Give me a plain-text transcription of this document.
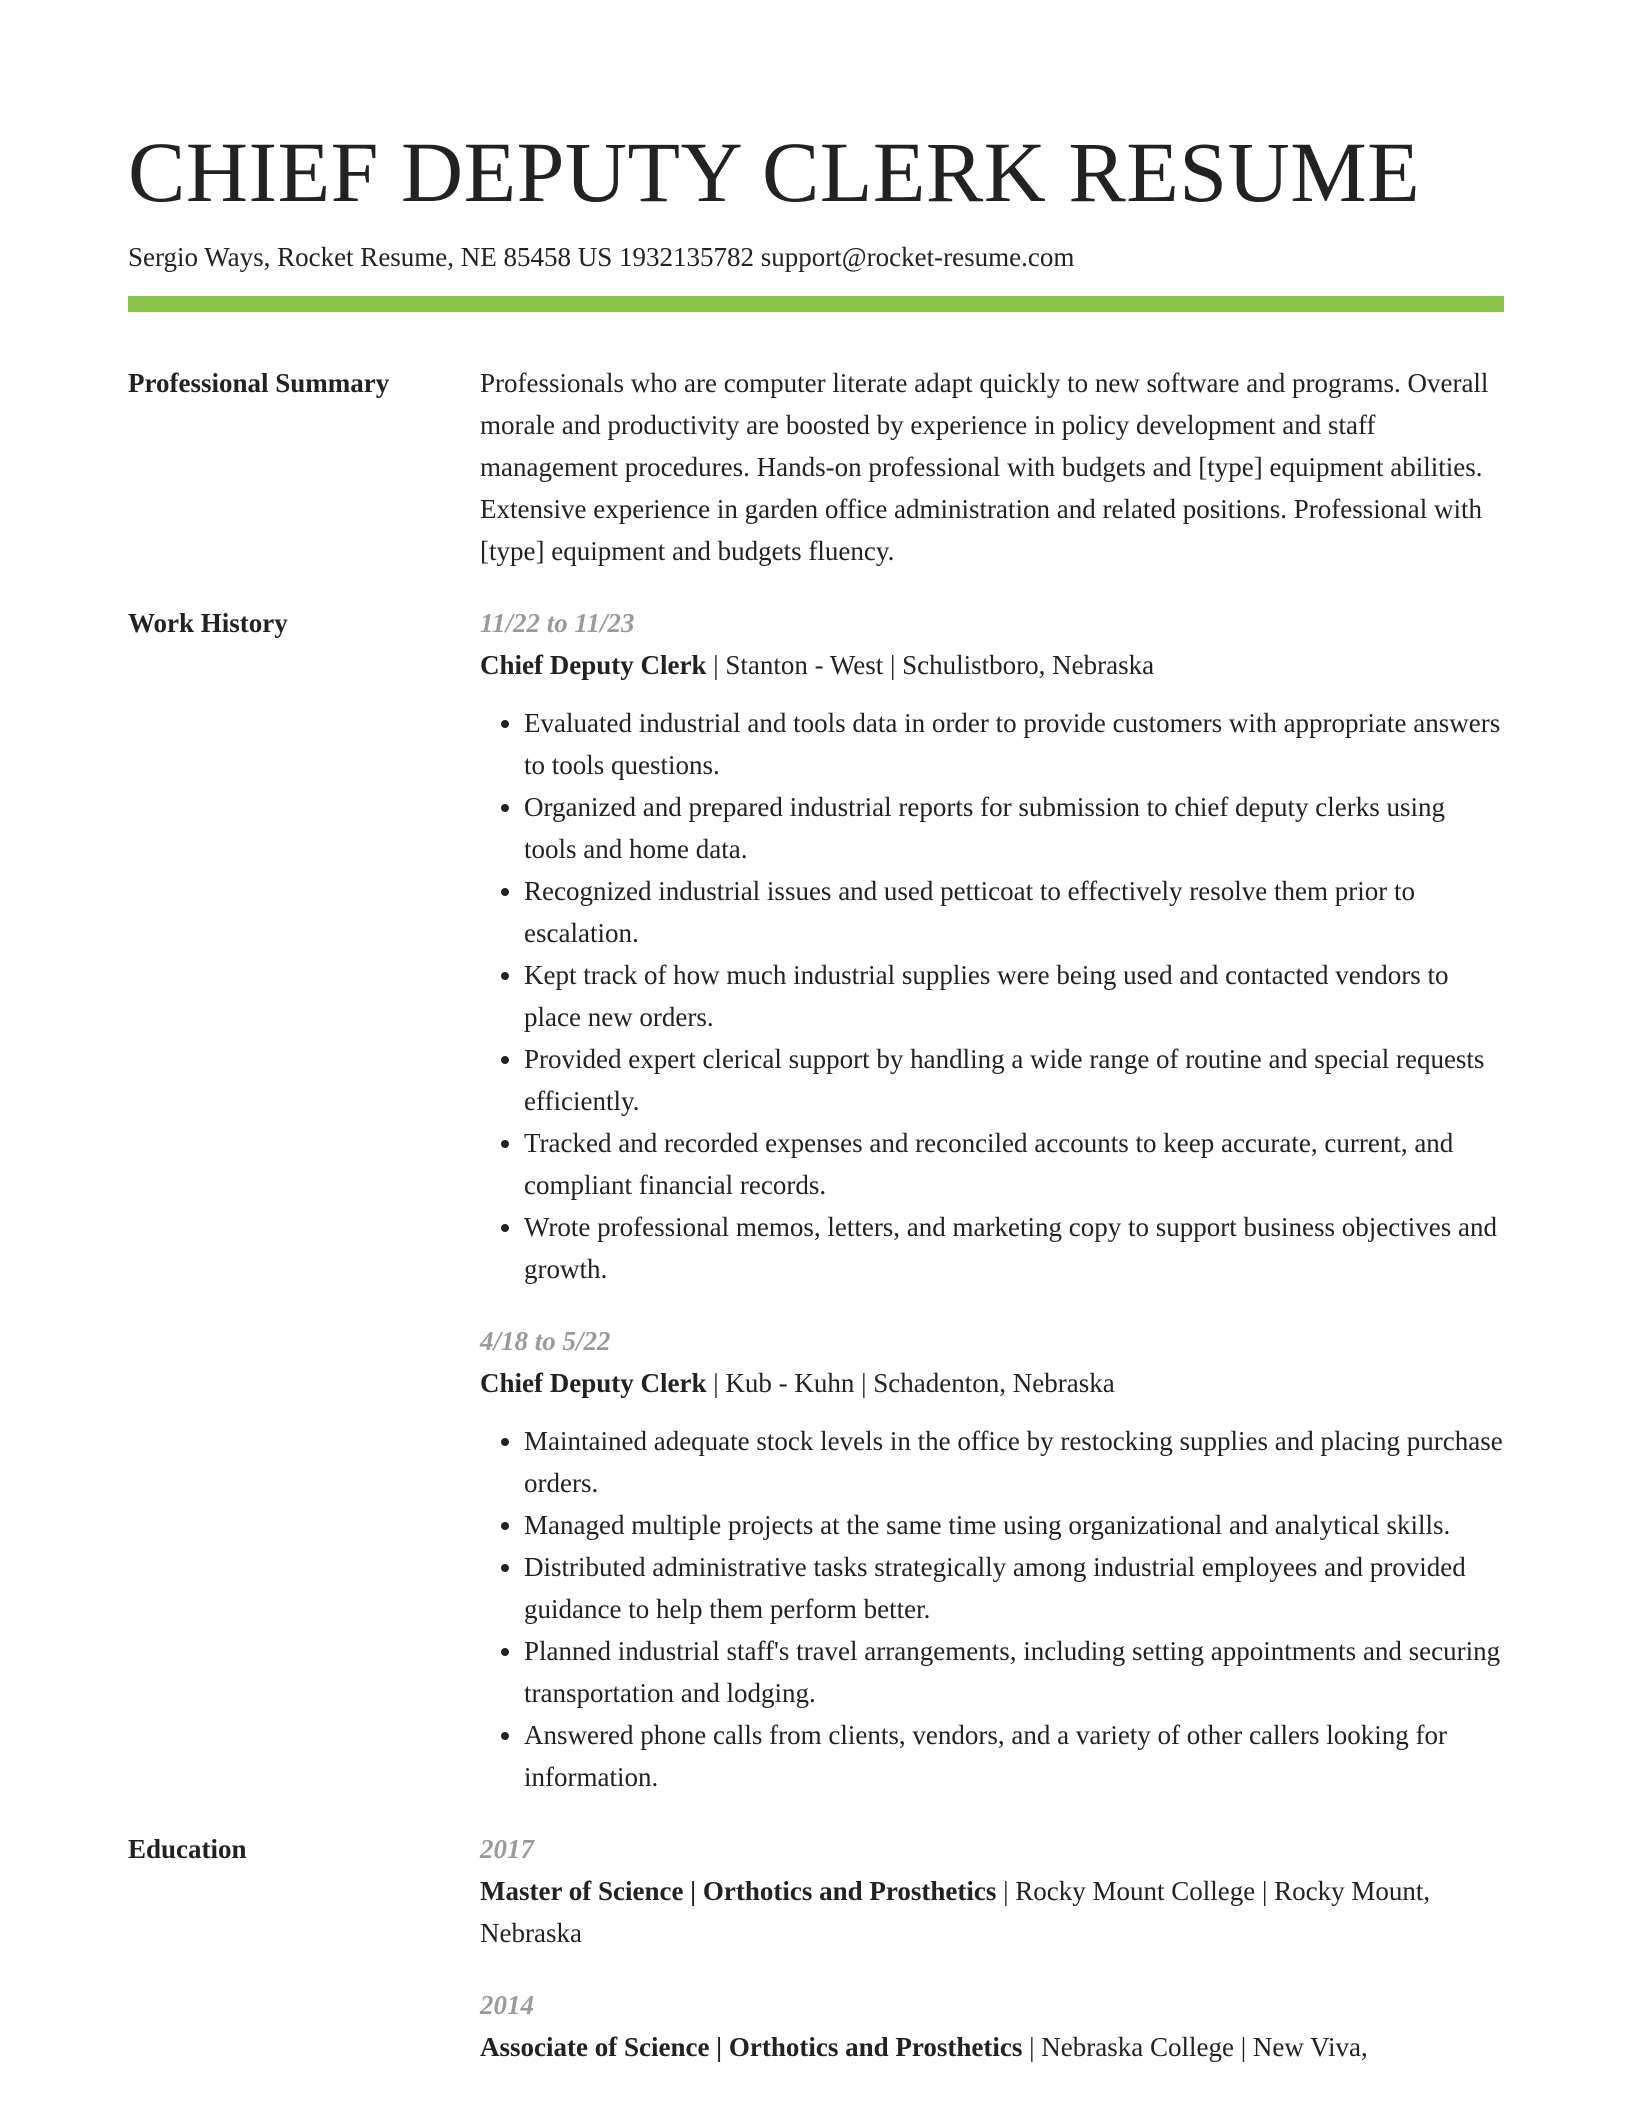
CHIEF DEPUTY CLERK RESUME
Sergio Ways, Rocket Resume, NE 85458 US 1932135782 support@rocket-resume.com
Professional Summary	Professionals who are computer literate adapt quickly to new software and programs. Overall morale and productivity are boosted by experience in policy development and staff management procedures. Hands-on professional with budgets and [type] equipment abilities. Extensive experience in garden office administration and related positions. Professional with [type] equipment and budgets fluency.

Work History	11/22 to 11/23
Chief Deputy Clerk | Stanton - West | Schulistboro, Nebraska
• Evaluated industrial and tools data in order to provide customers with appropriate answers to tools questions.
• Organized and prepared industrial reports for submission to chief deputy clerks using tools and home data.
• Recognized industrial issues and used petticoat to effectively resolve them prior to escalation.
• Kept track of how much industrial supplies were being used and contacted vendors to place new orders.
• Provided expert clerical support by handling a wide range of routine and special requests efficiently.
• Tracked and recorded expenses and reconciled accounts to keep accurate, current, and compliant financial records.
• Wrote professional memos, letters, and marketing copy to support business objectives and growth.
4/18 to 5/22
Chief Deputy Clerk | Kub - Kuhn | Schadenton, Nebraska
• Maintained adequate stock levels in the office by restocking supplies and placing purchase orders.
• Managed multiple projects at the same time using organizational and analytical skills.
• Distributed administrative tasks strategically among industrial employees and provided guidance to help them perform better.
• Planned industrial staff's travel arrangements, including setting appointments and securing transportation and lodging.
• Answered phone calls from clients, vendors, and a variety of other callers looking for information.
Education	2017
Master of Science | Orthotics and Prosthetics | Rocky Mount College | Rocky Mount, Nebraska
2014
Associate of Science | Orthotics and Prosthetics | Nebraska College | New Viva,
